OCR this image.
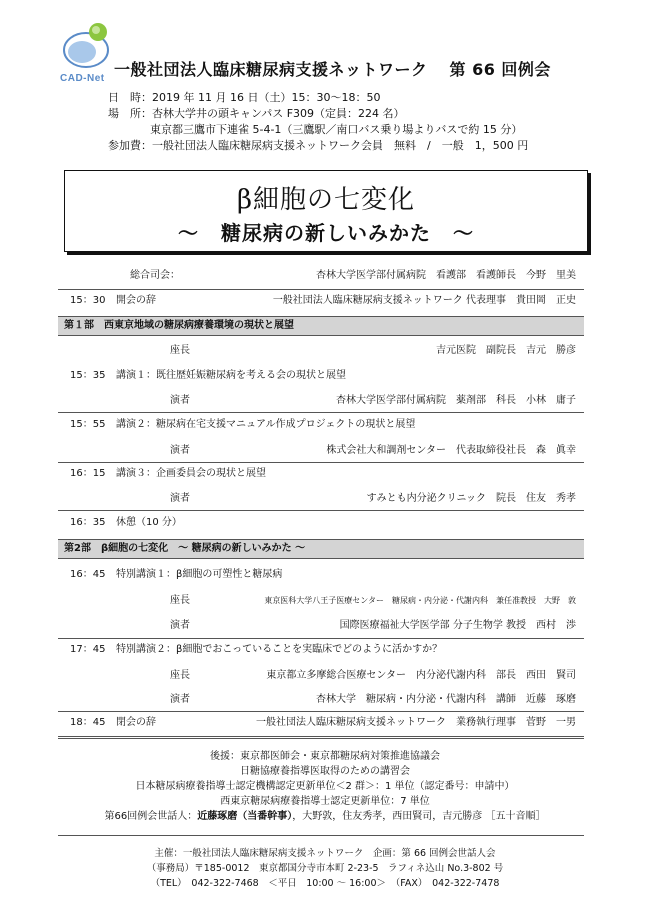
CAD-Net 一般社団法人臨床糖尿病支援ネットワーク 第 66 回例会
日　時：2019 年 11 月 16 日（土）15：30～18：50
場　所：杏林大学井の頭キャンパス F309（定員：224 名）
東京都三鷹市下連雀 5-4-1（三鷹駅／南口バス乗り場よりバスで約 15 分）
参加費：一般社団法人臨床糖尿病支援ネットワーク会員　無料　/　一般　1，500 円
β細胞の七変化
～ 糖尿病の新しいみかた ～
総合司会：	杏林大学医学部付属病院　看護部　看護師長　今野　里美
15：30 開会の辞	一般社団法人臨床糖尿病支援ネットワーク 代表理事　貴田岡　正史
第１部　西東京地域の糖尿病療養環境の現状と展望
座長	吉元医院　副院長　吉元　勝彦
15：35 講演１：既往歴妊娠糖尿病を考える会の現状と展望
演者	杏林大学医学部付属病院　薬剤部　科長　小林　庸子
15：55 講演２：糖尿病在宅支援マニュアル作成プロジェクトの現状と展望
演者	株式会社大和調剤センター　代表取締役社長　森　眞幸
16：15 講演３：企画委員会の現状と展望
演者	すみとも内分泌クリニック　院長　住友　秀孝
16：35 休憩（10 分）
第2部　β細胞の七変化　～ 糖尿病の新しいみかた ～
16：45 特別講演１：β細胞の可塑性と糖尿病
座長	東京医科大学八王子医療センター　糖尿病・内分泌・代謝内科　兼任准教授　大野　敦
演者	国際医療福祉大学医学部 分子生物学 教授　西村　渉
17：45 特別講演２：β細胞でおこっていることを実臨床でどのように活かすか？
座長	東京都立多摩総合医療センター　内分泌代謝内科　部長　西田　賢司
演者	杏林大学　糖尿病・内分泌・代謝内科　講師　近藤　琢磨
18：45 閉会の辞	一般社団法人臨床糖尿病支援ネットワーク　業務執行理事　菅野　一男
後援：東京都医師会・東京都糖尿病対策推進協議会
日糖協療養指導医取得のための講習会
日本糖尿病療養指導士認定機構認定更新単位＜2 群＞：1 単位（認定番号：申請中）
西東京糖尿病療養指導士認定更新単位：7 単位
第66回例会世話人：近藤琢磨（当番幹事），大野敦，住友秀孝，西田賢司，吉元勝彦 ［五十音順］
主催：一般社団法人臨床糖尿病支援ネットワーク　企画：第 66 回例会世話人会
（事務局）〒185-0012　東京都国分寺市本町 2-23-5　ラフィネ込山 No.3-802 号
（TEL）　042-322-7468　＜平日　10:00 ～ 16:00＞　（FAX）　042-322-7478
